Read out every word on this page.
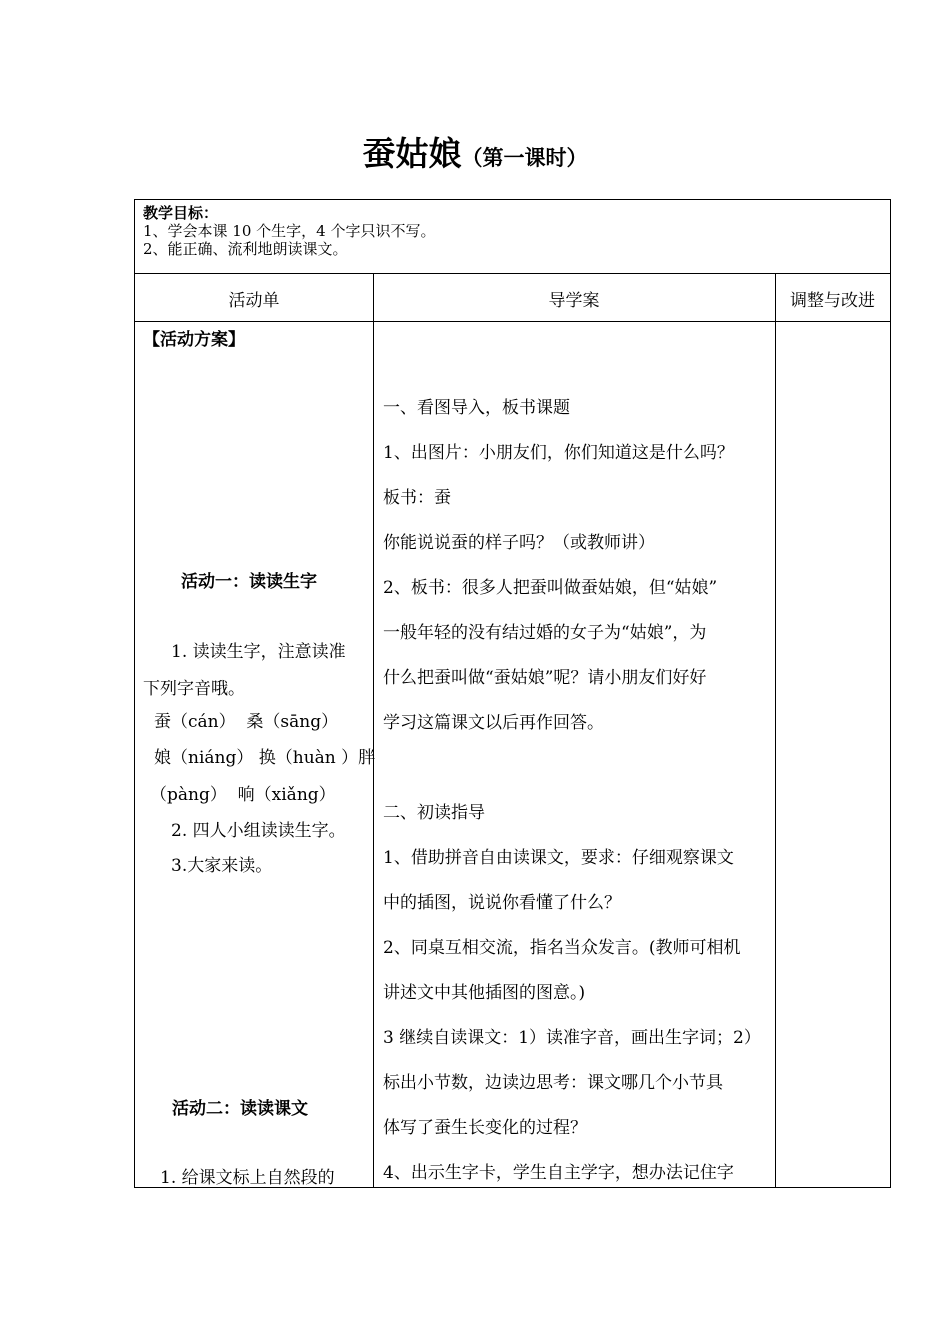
蚕姑娘（第一课时）
教学目标：
1、学会本课 10 个生字，4 个字只识不写。
2、能正确、流利地朗读课文。
活动单	导学案	调整与改进
【活动方案】
活动一：读读生字
1. 读读生字，注意读准
下列字音哦。
蚕（cán）  桑（sāng）
娘（niáng） 换（huàn ）胖
（pàng）  响（xiǎng）
2. 四人小组读读生字。
3.大家来读。
活动二：读读课文
1. 给课文标上自然段的

一、看图导入，板书课题

1、出图片：小朋友们，你们知道这是什么吗？

板书：蚕

你能说说蚕的样子吗？（或教师讲）

2、板书：很多人把蚕叫做蚕姑娘，但“姑娘”

一般年轻的没有结过婚的女子为“姑娘”，为

什么把蚕叫做“蚕姑娘”呢？请小朋友们好好

学习这篇课文以后再作回答。

二、初读指导

1、借助拼音自由读课文，要求：仔细观察课文

中的插图，说说你看懂了什么？

2、同桌互相交流，指名当众发言。(教师可相机

讲述文中其他插图的图意。)

3 继续自读课文：1）读准字音，画出生字词；2）

标出小节数，边读边思考：课文哪几个小节具

体写了蚕生长变化的过程？

4、出示生字卡，学生自主学字，想办法记住字
